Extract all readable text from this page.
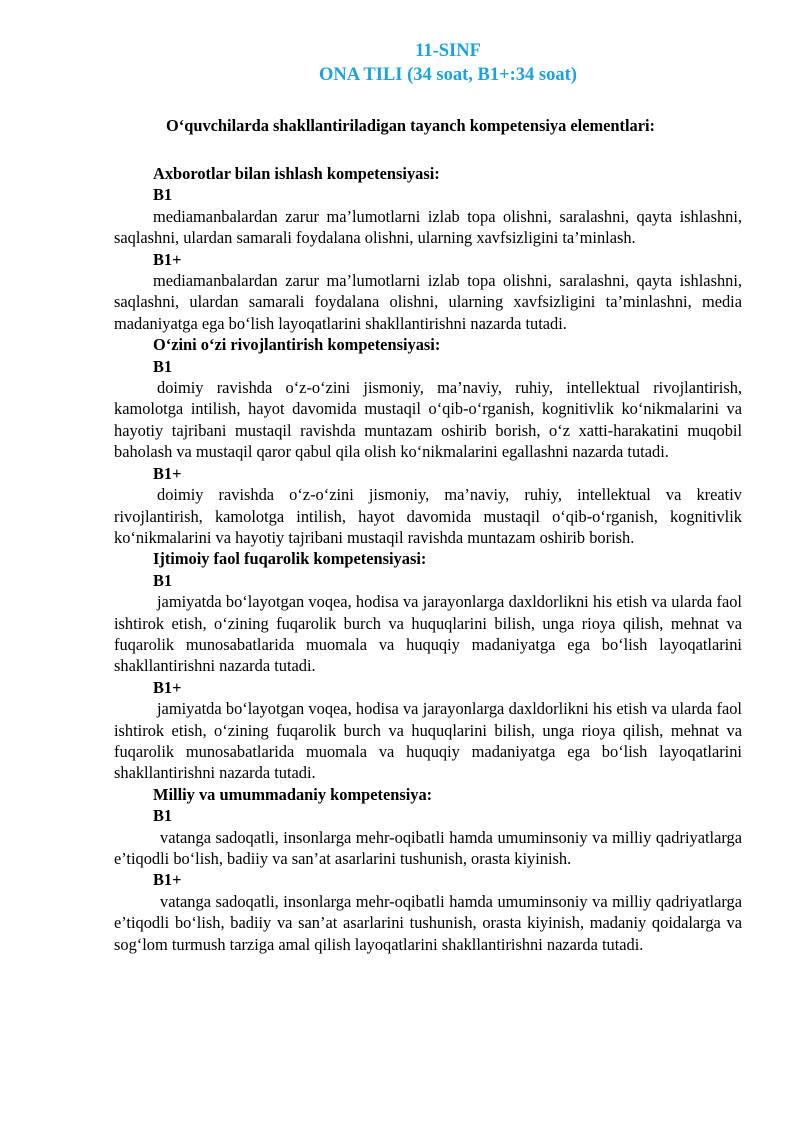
11-SINF
ONA TILI (34 soat, B1+:34 soat)
O‘quvchilarda shakllantiriladigan tayanch kompetensiya elementlari:

Axborotlar bilan ishlash kompetensiyasi:

B1

mediamanbalardan zarur ma’lumotlarni izlab topa olishni, saralashni, qayta ishlashni, saqlashni, ulardan samarali foydalana olishni, ularning xavfsizligini ta’minlash.

B1+

mediamanbalardan zarur ma’lumotlarni izlab topa olishni, saralashni, qayta ishlashni, saqlashni, ulardan samarali foydalana olishni, ularning xavfsizligini ta’minlashni, media madaniyatga ega bo‘lish layoqatlarini shakllantirishni nazarda tutadi.

O‘zini o‘zi rivojlantirish kompetensiyasi:

B1

doimiy ravishda o‘z-o‘zini jismoniy, ma’naviy, ruhiy, intellektual rivojlantirish, kamolotga intilish, hayot davomida mustaqil o‘qib-o‘rganish, kognitivlik ko‘nikmalarini va hayotiy tajribani mustaqil ravishda muntazam oshirib borish, o‘z xatti-harakatini muqobil baholash va mustaqil qaror qabul qila olish ko‘nikmalarini egallashni nazarda tutadi.

B1+

doimiy ravishda o‘z-o‘zini jismoniy, ma’naviy, ruhiy, intellektual va kreativ rivojlantirish, kamolotga intilish, hayot davomida mustaqil o‘qib-o‘rganish, kognitivlik ko‘nikmalarini va hayotiy tajribani mustaqil ravishda muntazam oshirib borish.

Ijtimoiy faol fuqarolik kompetensiyasi:

B1

jamiyatda bo‘layotgan voqea, hodisa va jarayonlarga daxldorlikni his etish va ularda faol ishtirok etish, o‘zining fuqarolik burch va huquqlarini bilish, unga rioya qilish, mehnat va fuqarolik munosabatlarida muomala va huquqiy madaniyatga ega bo‘lish layoqatlarini shakllantirishni nazarda tutadi.

B1+

jamiyatda bo‘layotgan voqea, hodisa va jarayonlarga daxldorlikni his etish va ularda faol ishtirok etish, o‘zining fuqarolik burch va huquqlarini bilish, unga rioya qilish, mehnat va fuqarolik munosabatlarida muomala va huquqiy madaniyatga ega bo‘lish layoqatlarini shakllantirishni nazarda tutadi.

Milliy va umummadaniy kompetensiya:

B1

vatanga sadoqatli, insonlarga mehr-oqibatli hamda umuminsoniy va milliy qadriyatlarga e’tiqodli bo‘lish, badiiy va san’at asarlarini tushunish, orasta kiyinish.

B1+

vatanga sadoqatli, insonlarga mehr-oqibatli hamda umuminsoniy va milliy qadriyatlarga e’tiqodli bo‘lish, badiiy va san’at asarlarini tushunish, orasta kiyinish, madaniy qoidalarga va sog‘lom turmush tarziga amal qilish layoqatlarini shakllantirishni nazarda tutadi.
